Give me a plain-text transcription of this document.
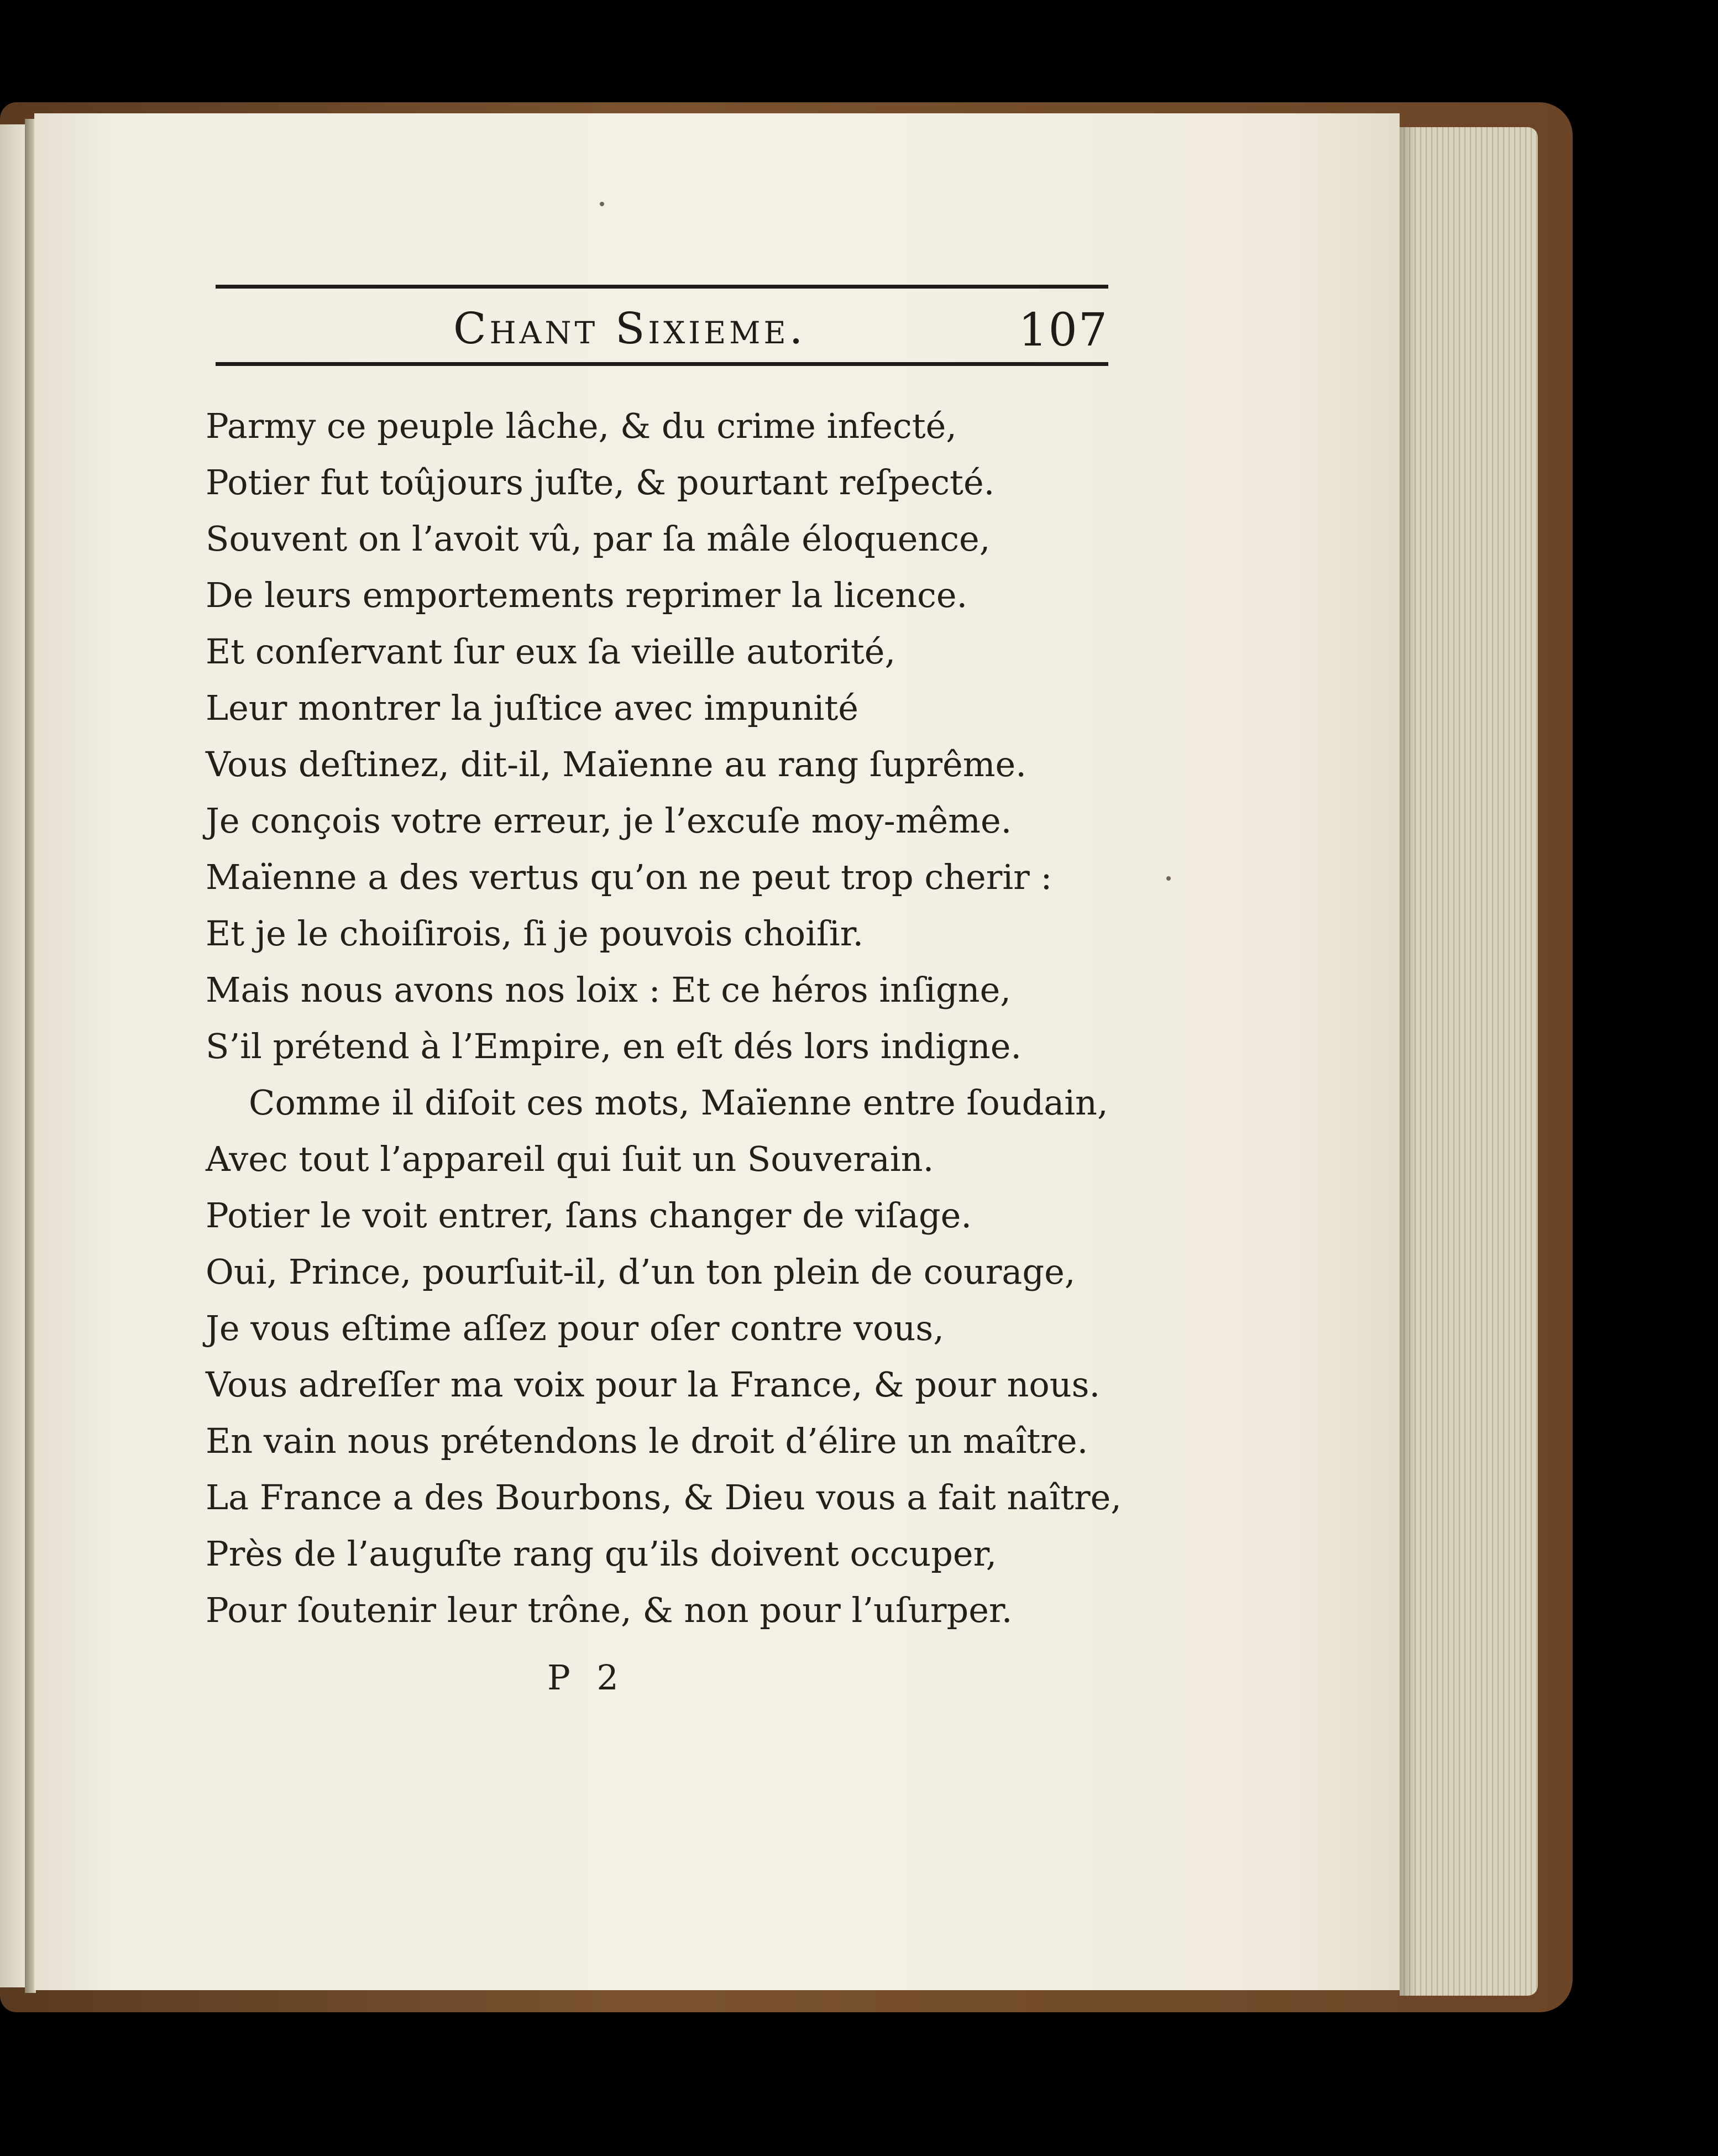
Chant Sixieme.	107
Parmy ce peuple lâche, & du crime infecté,
Potier fut toûjours juſte, & pourtant reſpecté.
Souvent on l’avoit vû, par ſa mâle éloquence,
De leurs emportements reprimer la licence.
Et conſervant ſur eux ſa vieille autorité,
Leur montrer la juſtice avec impunité
Vous deſtinez, dit-il, Maïenne au rang ſuprême.
Je conçois votre erreur, je l’excuſe moy-même.
Maïenne a des vertus qu’on ne peut trop cherir :
Et je le choiſirois, ſi je pouvois choiſir.
Mais nous avons nos loix : Et ce héros inſigne,
S’il prétend à l’Empire, en eſt dés lors indigne.
Comme il diſoit ces mots, Maïenne entre ſoudain,
Avec tout l’appareil qui ſuit un Souverain.
Potier le voit entrer, ſans changer de viſage.
Oui, Prince, pourſuit-il, d’un ton plein de courage,
Je vous eſtime aſſez pour oſer contre vous,
Vous adreſſer ma voix pour la France, & pour nous.
En vain nous prétendons le droit d’élire un maître.
La France a des Bourbons, & Dieu vous a fait naître,
Près de l’auguſte rang qu’ils doivent occuper,
Pour ſoutenir leur trône, & non pour l’uſurper.
P 2
